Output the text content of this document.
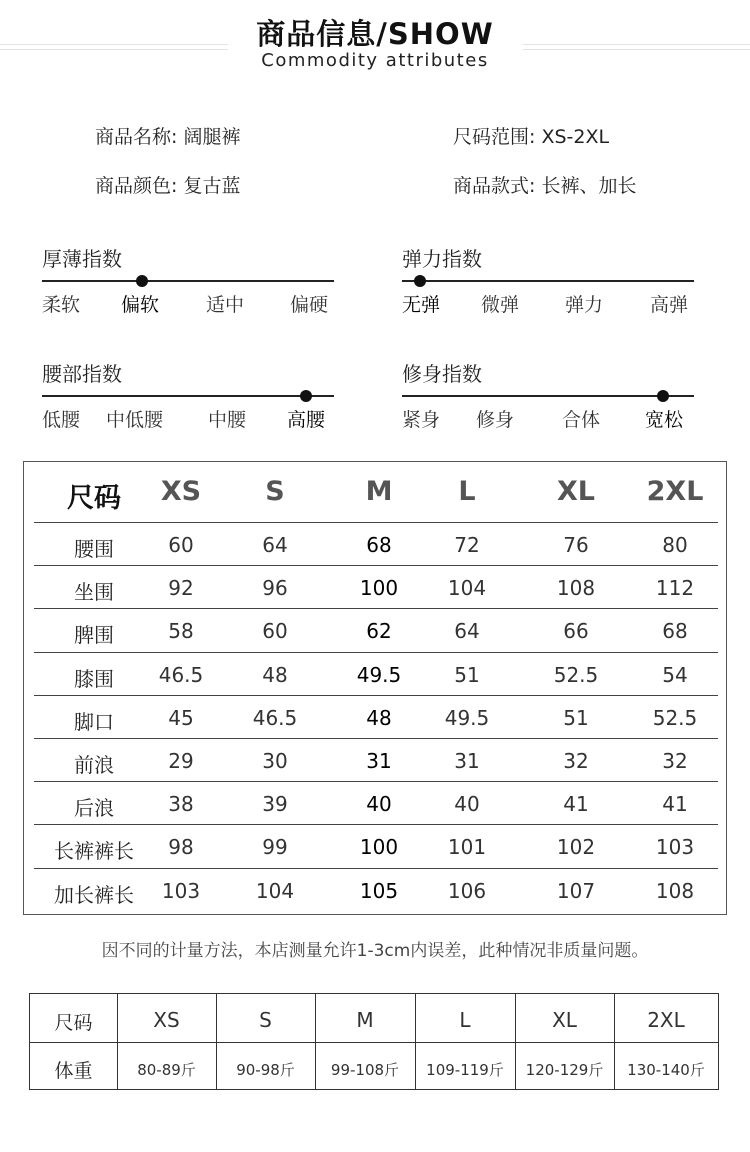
商品信息/SHOW
Commodity attributes
商品名称: 阔腿裤	尺码范围: XS-2XL
商品颜色: 复古蓝	商品款式: 长裤、加长
厚薄指数
柔软 偏软 适中 偏硬
弹力指数
无弹 微弹 弹力 高弹
腰部指数
低腰 中低腰 中腰 高腰
修身指数
紧身 修身	合体 宽松
尺码	XS	S	M	L	XL	2XL
腰围	60	64	68	72	76	80
坐围	92	96	100	104	108	112
脾围	58	60	62	64	66	68
膝围	46.5	48	49.5	51	52.5	54
脚口	45	46.5	48	49.5	51	52.5
前浪	29	30	31	31	32	32
后浪	38	39	40	40	41	41
长裤裤长	98	99	100	101	102	103
加长裤长	103	104	105	106	107	108
因不同的计量方法，本店测量允许1-3cm内误差，此种情况非质量问题。
尺码	XS	S	M	L	XL	2XL
体重	80-89斤	90-98斤	99-108斤	109-119斤	120-129斤	130-140斤
